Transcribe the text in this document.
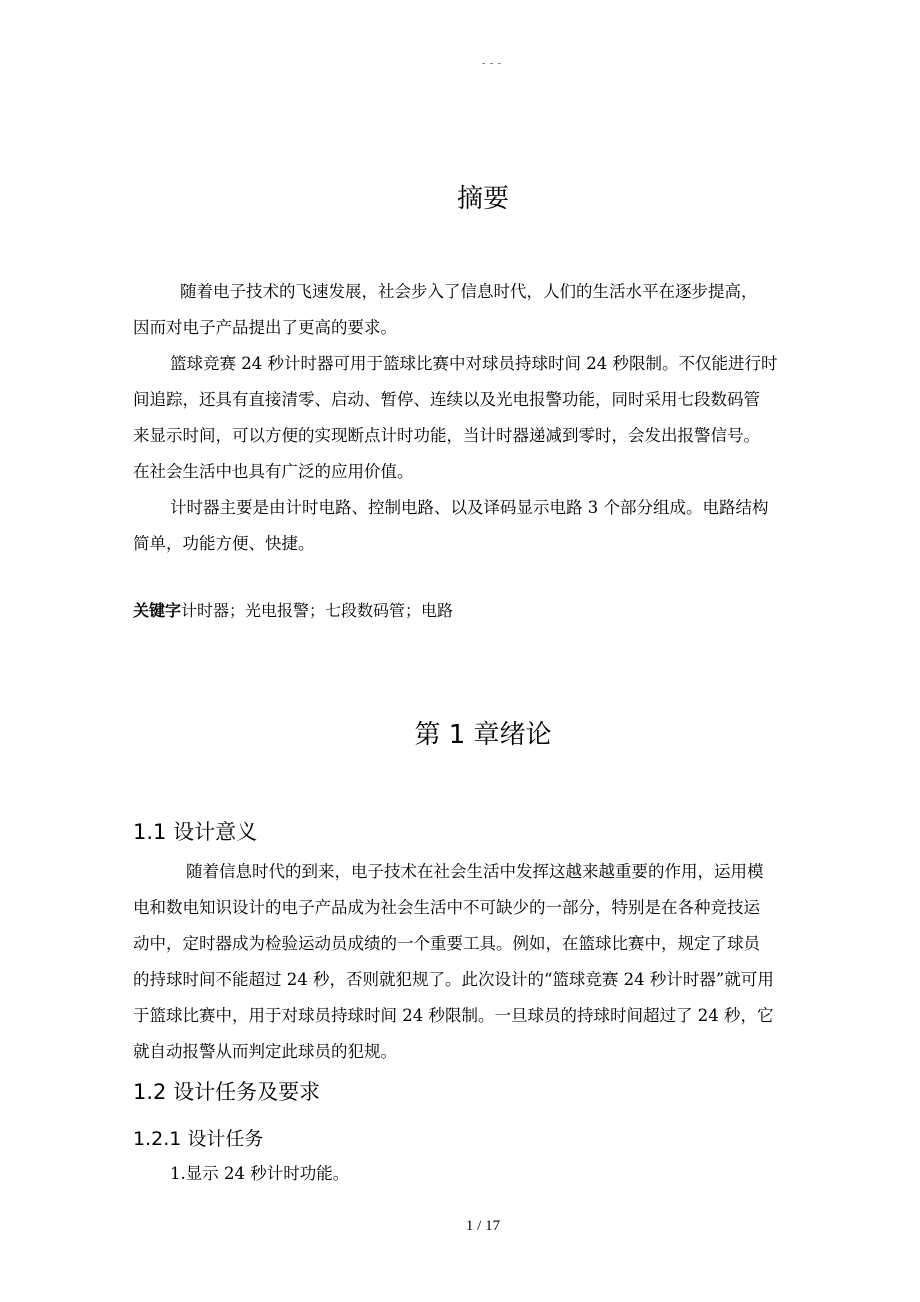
- - -
摘要
随着电子技术的飞速发展，社会步入了信息时代，人们的生活水平在逐步提高，
因而对电子产品提出了更高的要求。
篮球竞赛 24 秒计时器可用于篮球比赛中对球员持球时间 24 秒限制。不仅能进行时
间追踪，还具有直接清零、启动、暂停、连续以及光电报警功能，同时采用七段数码管
来显示时间，可以方便的实现断点计时功能，当计时器递减到零时，会发出报警信号。
在社会生活中也具有广泛的应用价值。
计时器主要是由计时电路、控制电路、以及译码显示电路 3 个部分组成。电路结构
简单，功能方便、快捷。
关键字计时器；光电报警；七段数码管；电路
第 1 章绪论
1.1 设计意义
随着信息时代的到来，电子技术在社会生活中发挥这越来越重要的作用，运用模
电和数电知识设计的电子产品成为社会生活中不可缺少的一部分，特别是在各种竞技运
动中，定时器成为检验运动员成绩的一个重要工具。例如，在篮球比赛中，规定了球员
的持球时间不能超过 24 秒，否则就犯规了。此次设计的“篮球竞赛 24 秒计时器”就可用
于篮球比赛中，用于对球员持球时间 24 秒限制。一旦球员的持球时间超过了 24 秒，它
就自动报警从而判定此球员的犯规。
1.2 设计任务及要求
1.2.1 设计任务
1.显示 24 秒计时功能。
1 / 17
